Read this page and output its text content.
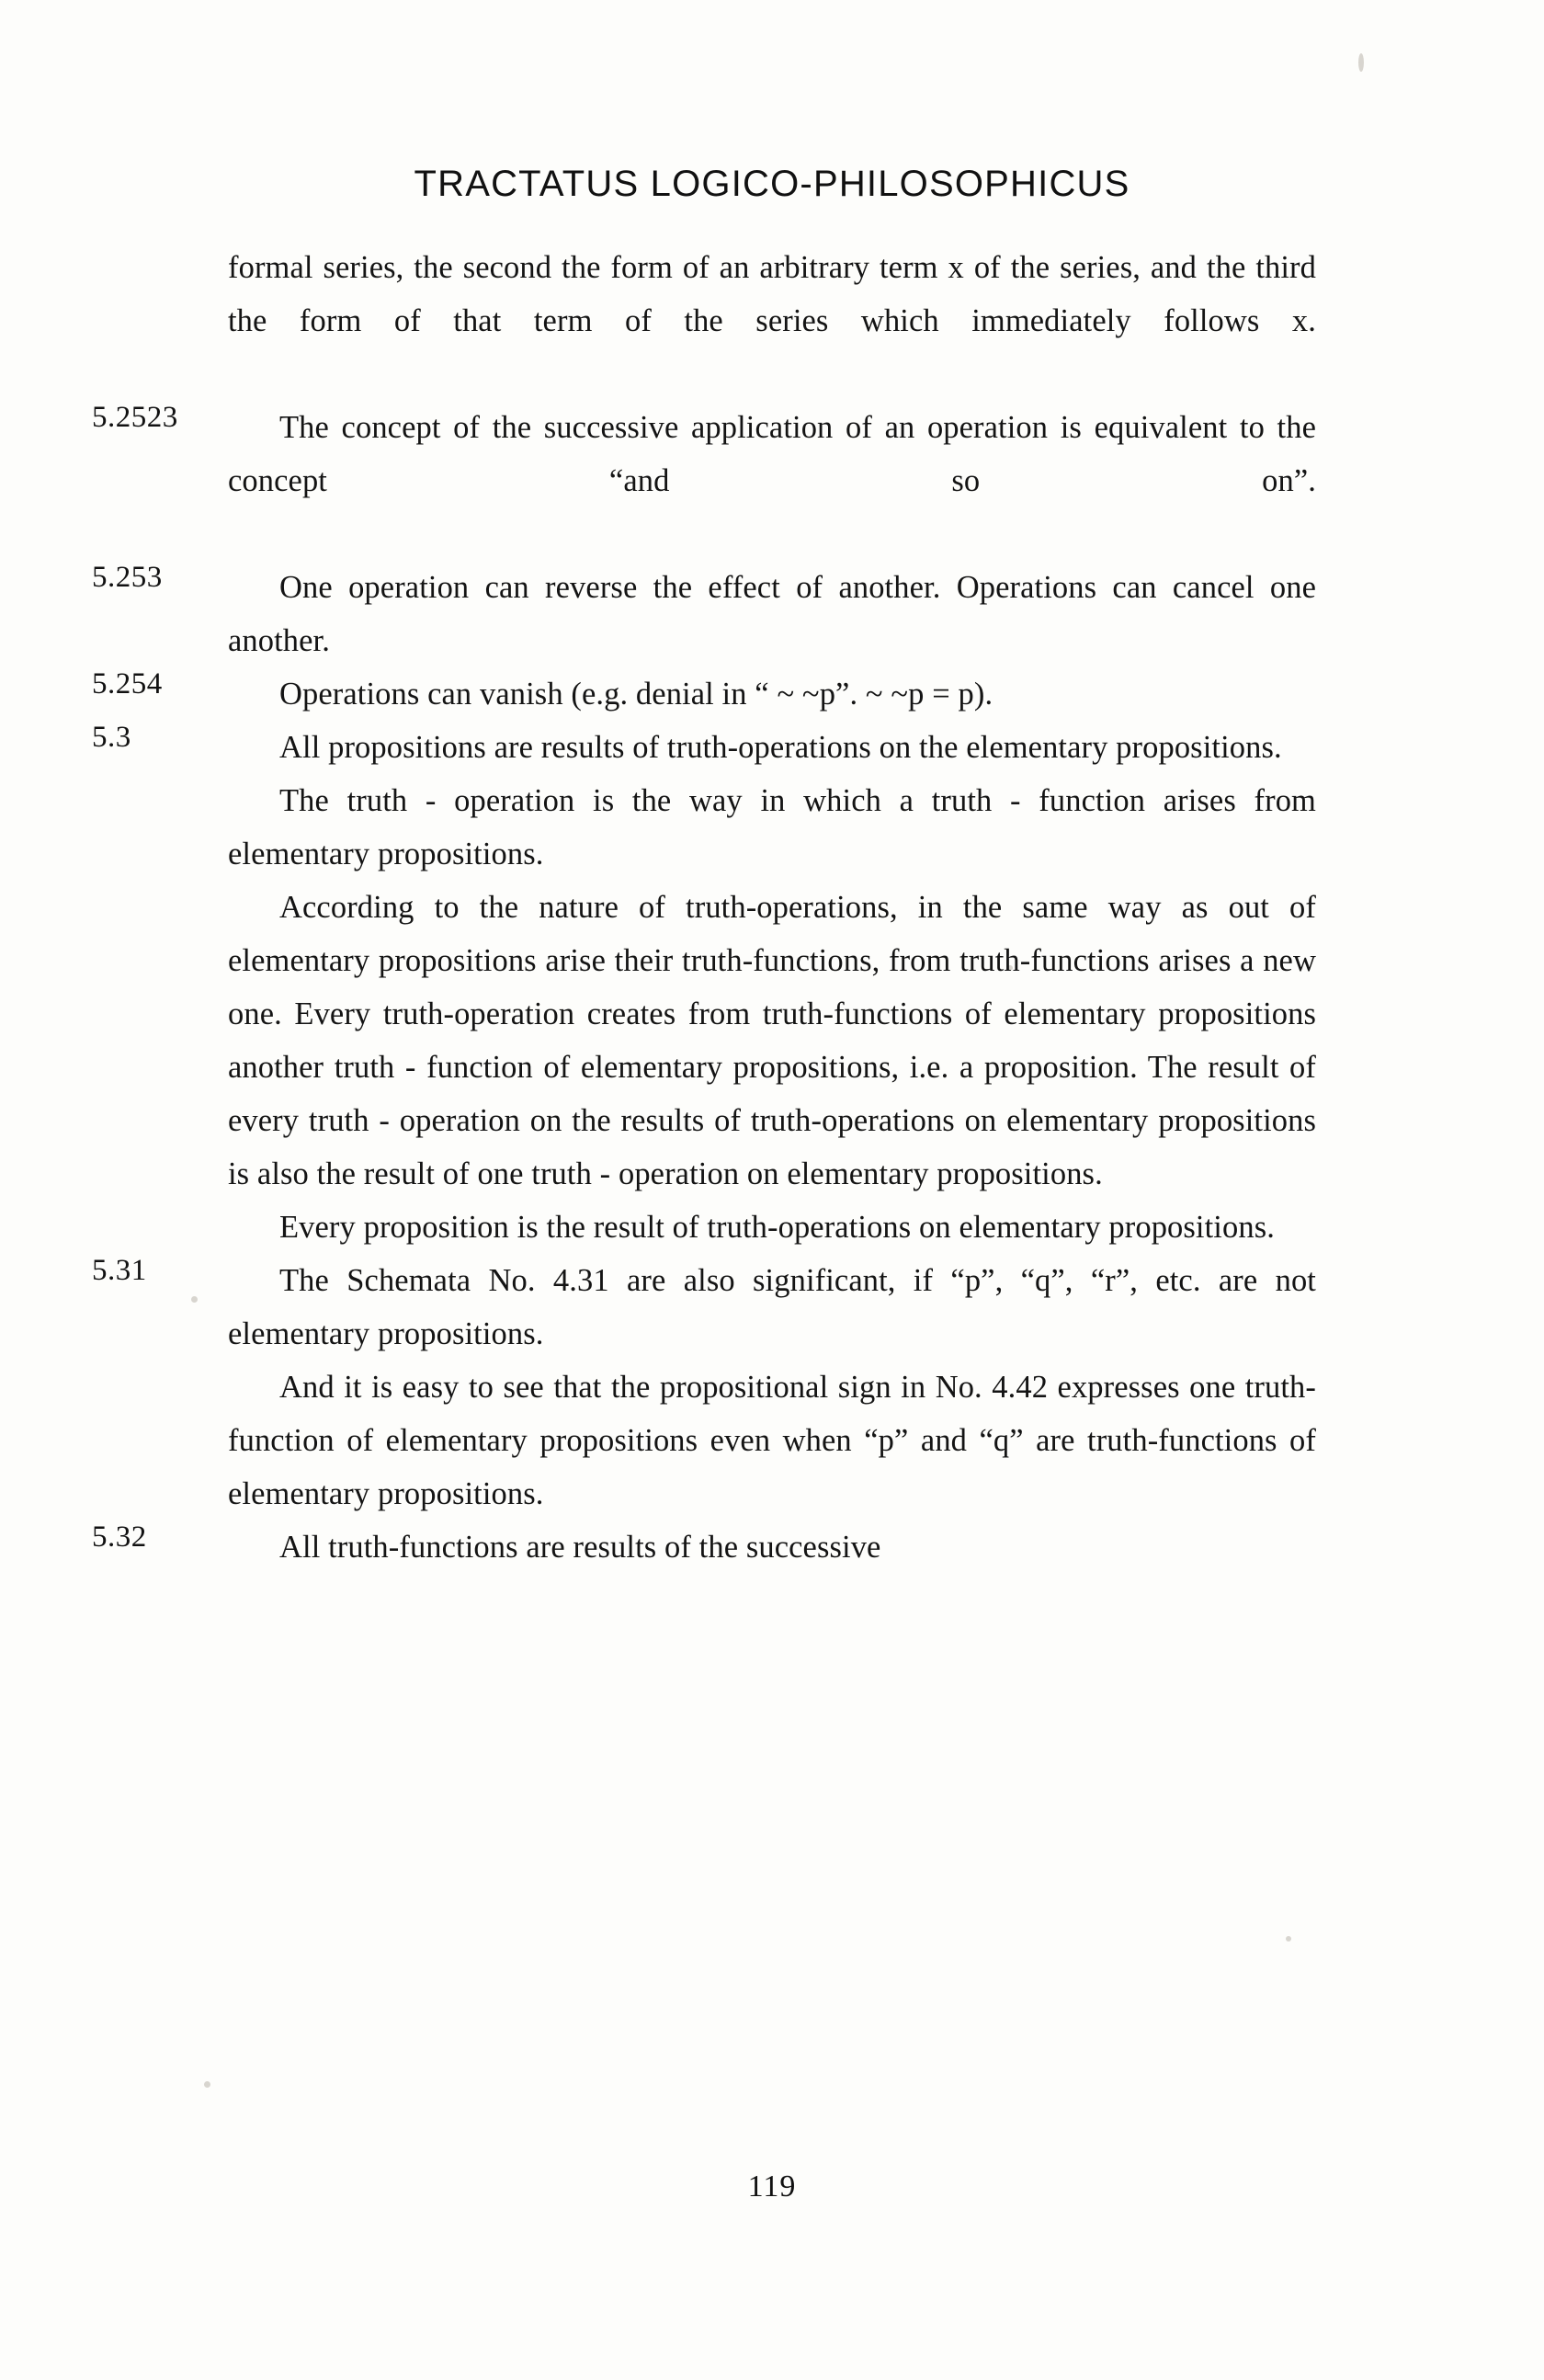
TRACTATUS LOGICO-PHILOSOPHICUS

formal series, the second the form of an arbitrary term x of the series, and the third the form of that term of the series which immediately follows x.

5.2523	The concept of the successive application of an operation is equivalent to the concept “and so on”.

5.253	One operation can reverse the effect of another. Operations can cancel one another.

5.254	Operations can vanish (e.g. denial in “ ~ ~p”. ~ ~p = p).

5.3	All propositions are results of truth-operations on the elementary propositions.

The truth - operation is the way in which a truth - function arises from elementary propositions.

According to the nature of truth-operations, in the same way as out of elementary propositions arise their truth-functions, from truth-functions arises a new one. Every truth-operation creates from truth-functions of elementary propositions another truth - function of elementary propositions, i.e. a proposition. The result of every truth - operation on the results of truth-operations on elementary propositions is also the result of one truth - operation on elementary propositions.

Every proposition is the result of truth-operations on elementary propositions.

5.31	The Schemata No. 4.31 are also significant, if “p”, “q”, “r”, etc. are not elementary propositions.

And it is easy to see that the propositional sign in No. 4.42 expresses one truth-function of elementary propositions even when “p” and “q” are truth-functions of elementary propositions.

5.32	All truth-functions are results of the successive

119
